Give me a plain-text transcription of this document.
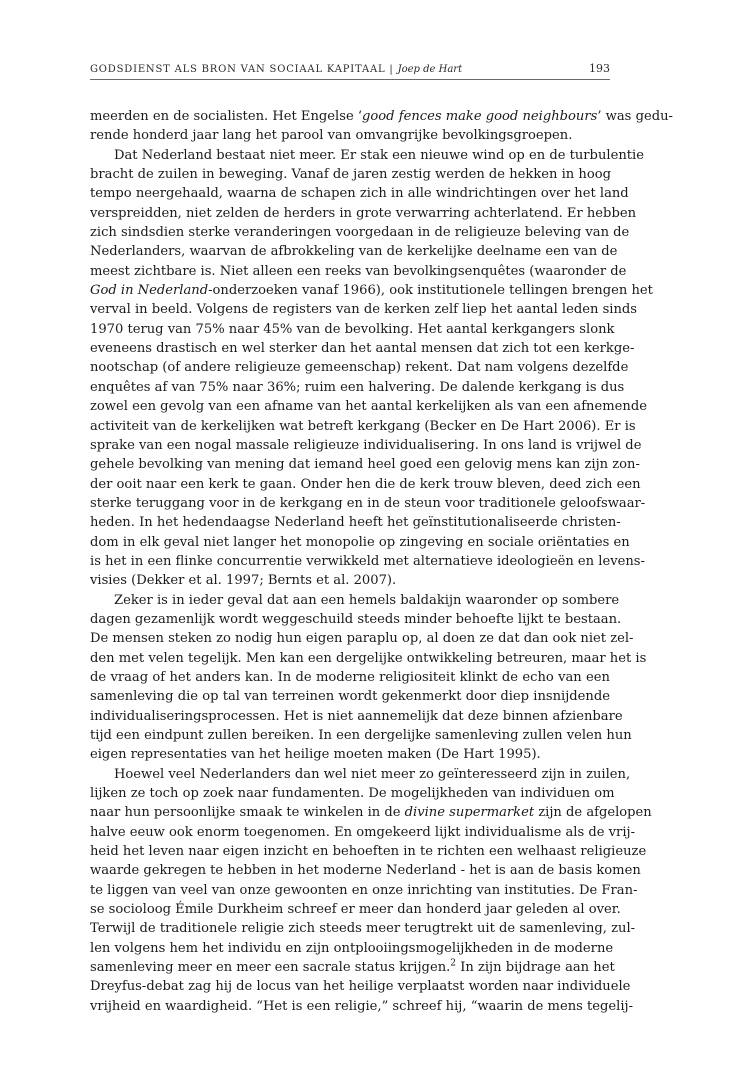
GODSDIENST ALS BRON VAN SOCIAAL KAPITAAL | Joep de Hart	193
meerden en de socialisten. Het Engelse ‘good fences make good neighbours’ was gedu-
rende honderd jaar lang het parool van omvangrijke bevolkingsgroepen.
Dat Nederland bestaat niet meer. Er stak een nieuwe wind op en de turbulentie
bracht de zuilen in beweging. Vanaf de jaren zestig werden de hekken in hoog
tempo neergehaald, waarna de schapen zich in alle windrichtingen over het land
verspreidden, niet zelden de herders in grote verwarring achterlatend. Er hebben
zich sindsdien sterke veranderingen voorgedaan in de religieuze beleving van de
Nederlanders, waarvan de afbrokkeling van de kerkelijke deelname een van de
meest zichtbare is. Niet alleen een reeks van bevolkingsenquêtes (waaronder de
God in Nederland-onderzoeken vanaf 1966), ook institutionele tellingen brengen het
verval in beeld. Volgens de registers van de kerken zelf liep het aantal leden sinds
1970 terug van 75% naar 45% van de bevolking. Het aantal kerkgangers slonk
eveneens drastisch en wel sterker dan het aantal mensen dat zich tot een kerkge-
nootschap (of andere religieuze gemeenschap) rekent. Dat nam volgens dezelfde
enquêtes af van 75% naar 36%; ruim een halvering. De dalende kerkgang is dus
zowel een gevolg van een afname van het aantal kerkelijken als van een afnemende
activiteit van de kerkelijken wat betreft kerkgang (Becker en De Hart 2006). Er is
sprake van een nogal massale religieuze individualisering. In ons land is vrijwel de
gehele bevolking van mening dat iemand heel goed een gelovig mens kan zijn zon-
der ooit naar een kerk te gaan. Onder hen die de kerk trouw bleven, deed zich een
sterke teruggang voor in de kerkgang en in de steun voor traditionele geloofswaar-
heden. In het hedendaagse Nederland heeft het geïnstitutionaliseerde christen-
dom in elk geval niet langer het monopolie op zingeving en sociale oriëntaties en
is het in een flinke concurrentie verwikkeld met alternatieve ideologieën en levens-
visies (Dekker et al. 1997; Bernts et al. 2007).
Zeker is in ieder geval dat aan een hemels baldakijn waaronder op sombere
dagen gezamenlijk wordt weggeschuild steeds minder behoefte lijkt te bestaan.
De mensen steken zo nodig hun eigen paraplu op, al doen ze dat dan ook niet zel-
den met velen tegelijk. Men kan een dergelijke ontwikkeling betreuren, maar het is
de vraag of het anders kan. In de moderne religiositeit klinkt de echo van een
samenleving die op tal van terreinen wordt gekenmerkt door diep insnijdende
individualiseringsprocessen. Het is niet aannemelijk dat deze binnen afzienbare
tijd een eindpunt zullen bereiken. In een dergelijke samenleving zullen velen hun
eigen representaties van het heilige moeten maken (De Hart 1995).
Hoewel veel Nederlanders dan wel niet meer zo geïnteresseerd zijn in zuilen,
lijken ze toch op zoek naar fundamenten. De mogelijkheden van individuen om
naar hun persoonlijke smaak te winkelen in de divine supermarket zijn de afgelopen
halve eeuw ook enorm toegenomen. En omgekeerd lijkt individualisme als de vrij-
heid het leven naar eigen inzicht en behoeften in te richten een welhaast religieuze
waarde gekregen te hebben in het moderne Nederland - het is aan de basis komen
te liggen van veel van onze gewoonten en onze inrichting van instituties. De Fran-
se socioloog Émile Durkheim schreef er meer dan honderd jaar geleden al over.
Terwijl de traditionele religie zich steeds meer terugtrekt uit de samenleving, zul-
len volgens hem het individu en zijn ontplooiingsmogelijkheden in de moderne
samenleving meer en meer een sacrale status krijgen.$^2$ In zijn bijdrage aan het
Dreyfus-debat zag hij de locus van het heilige verplaatst worden naar individuele
vrijheid en waardigheid. “Het is een religie,” schreef hij, “waarin de mens tegelij-
